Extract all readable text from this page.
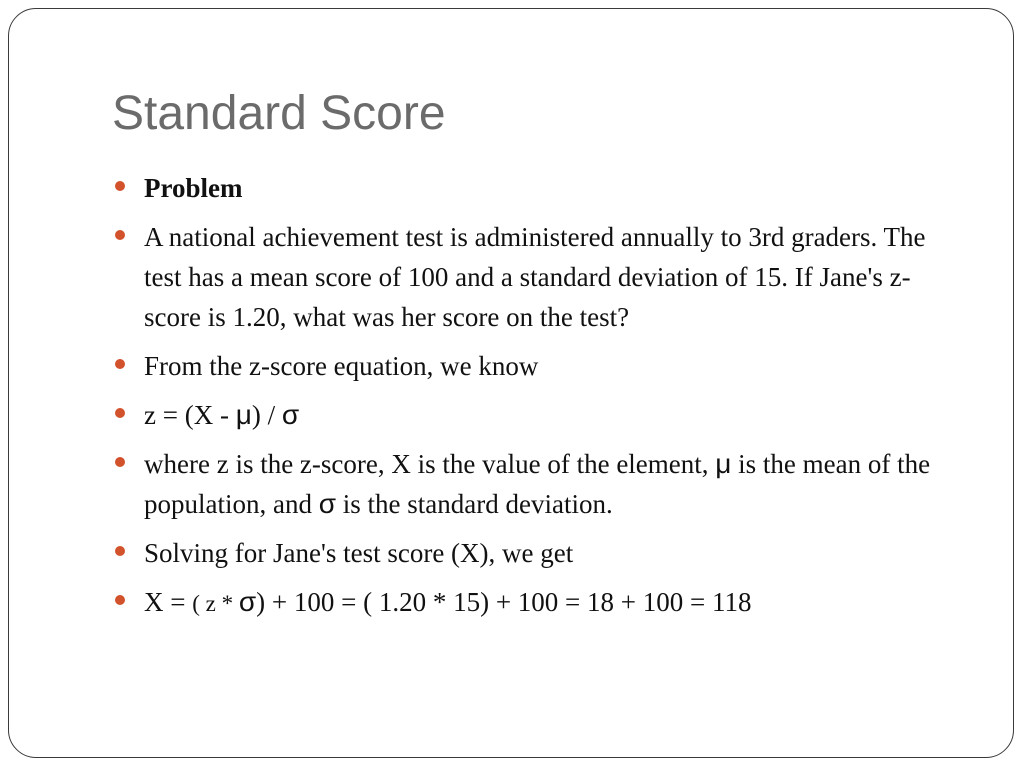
Standard Score
Problem
A national achievement test is administered annually to 3rd graders. The test has a mean score of 100 and a standard deviation of 15. If Jane's z-score is 1.20, what was her score on the test?
From the z-score equation, we know
z = (X - μ) / σ
where z is the z-score, X is the value of the element, μ is the mean of the population, and σ is the standard deviation.
Solving for Jane's test score (X), we get
X = ( z * σ) + 100 = ( 1.20 * 15) + 100 = 18 + 100 = 118
